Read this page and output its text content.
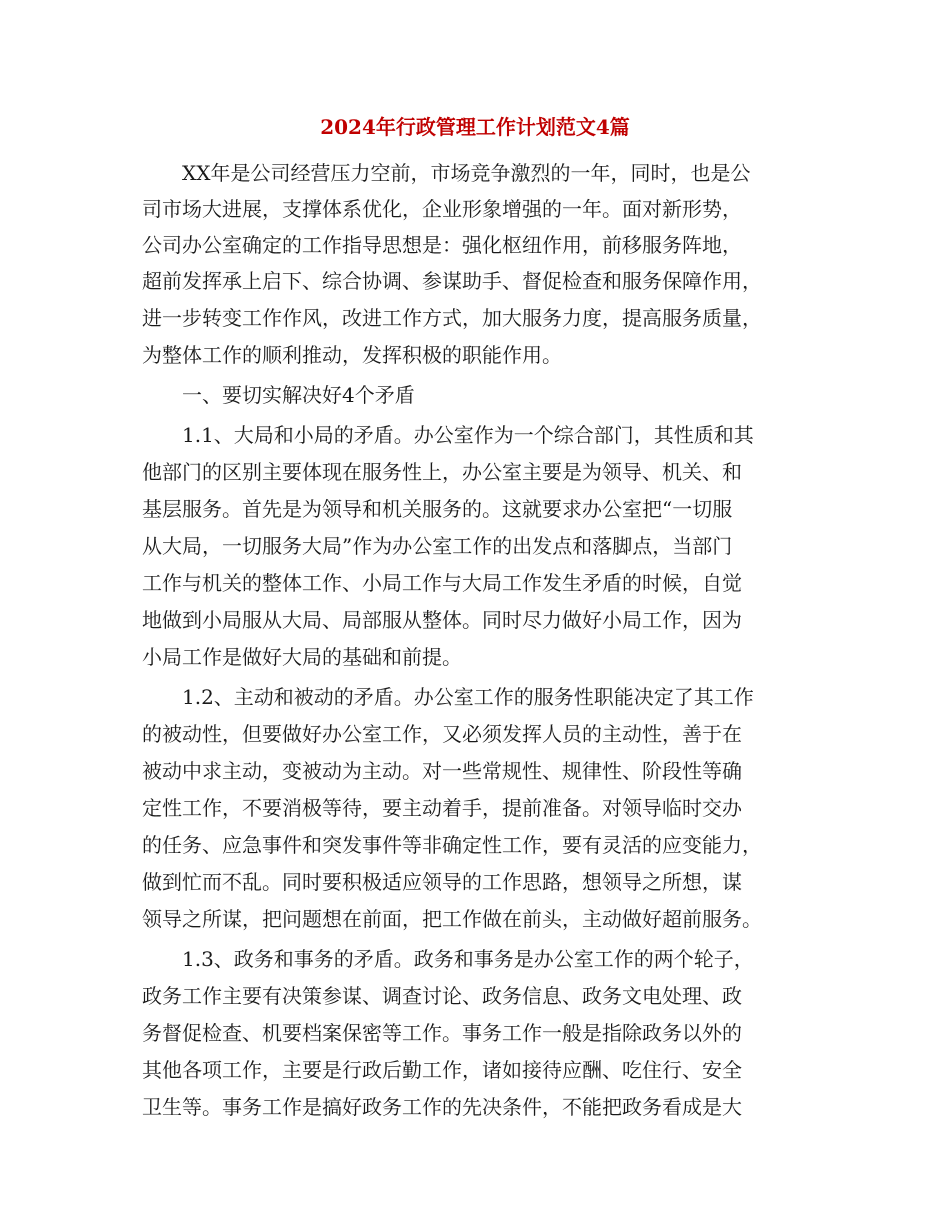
2024年行政管理工作计划范文4篇

XX年是公司经营压力空前，市场竞争激烈的一年，同时，也是公

司市场大进展，支撑体系优化，企业形象增强的一年。面对新形势，

公司办公室确定的工作指导思想是：强化枢纽作用，前移服务阵地，

超前发挥承上启下、综合协调、参谋助手、督促检查和服务保障作用，

进一步转变工作作风，改进工作方式，加大服务力度，提高服务质量，

为整体工作的顺利推动，发挥积极的职能作用。

一、要切实解决好4个矛盾

1.1、大局和小局的矛盾。办公室作为一个综合部门，其性质和其

他部门的区别主要体现在服务性上，办公室主要是为领导、机关、和

基层服务。首先是为领导和机关服务的。这就要求办公室把“一切服

从大局，一切服务大局”作为办公室工作的出发点和落脚点，当部门

工作与机关的整体工作、小局工作与大局工作发生矛盾的时候，自觉

地做到小局服从大局、局部服从整体。同时尽力做好小局工作，因为

小局工作是做好大局的基础和前提。

1.2、主动和被动的矛盾。办公室工作的服务性职能决定了其工作

的被动性，但要做好办公室工作，又必须发挥人员的主动性，善于在

被动中求主动，变被动为主动。对一些常规性、规律性、阶段性等确

定性工作，不要消极等待，要主动着手，提前准备。对领导临时交办

的任务、应急事件和突发事件等非确定性工作，要有灵活的应变能力，

做到忙而不乱。同时要积极适应领导的工作思路，想领导之所想，谋

领导之所谋，把问题想在前面，把工作做在前头，主动做好超前服务。

1.3、政务和事务的矛盾。政务和事务是办公室工作的两个轮子，

政务工作主要有决策参谋、调查讨论、政务信息、政务文电处理、政

务督促检查、机要档案保密等工作。事务工作一般是指除政务以外的

其他各项工作，主要是行政后勤工作，诸如接待应酬、吃住行、安全

卫生等。事务工作是搞好政务工作的先决条件，不能把政务看成是大
